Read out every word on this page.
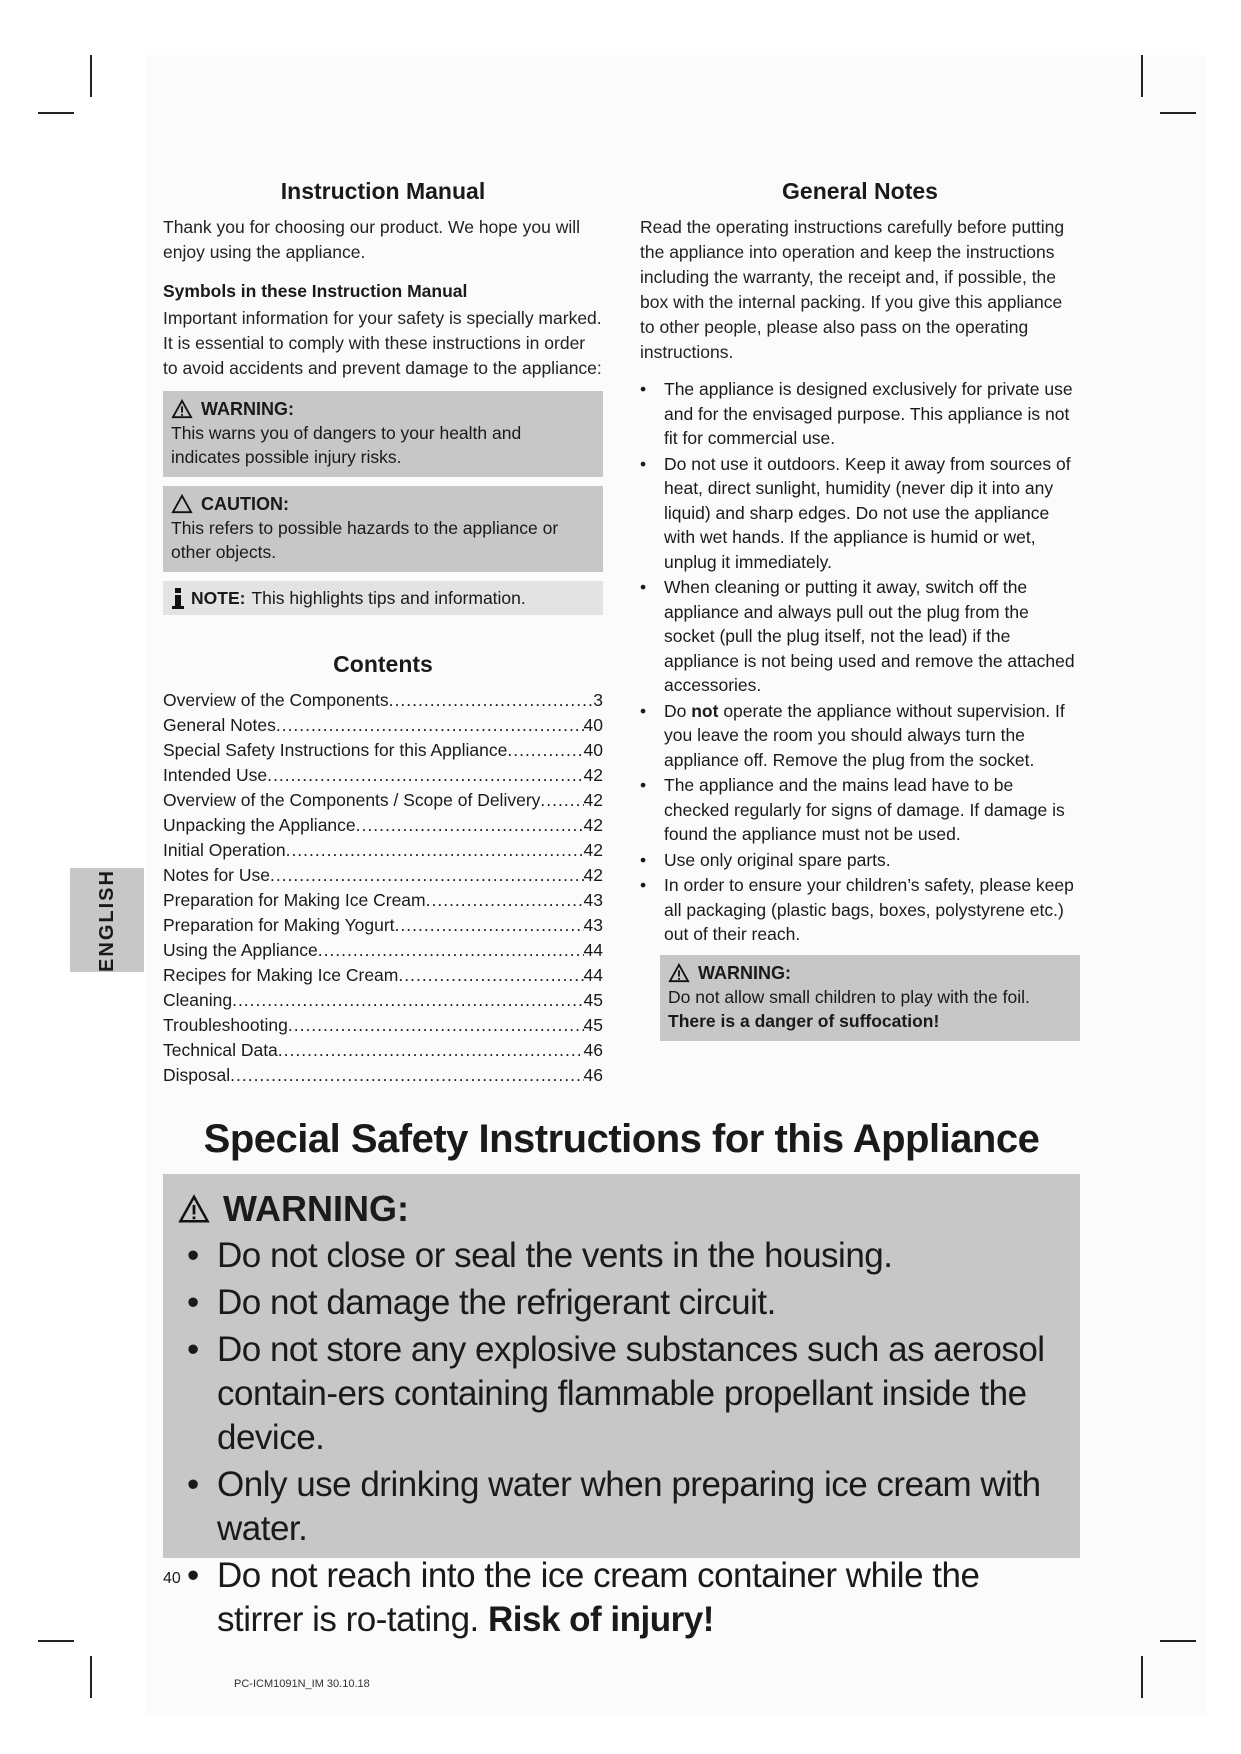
Instruction Manual

Thank you for choosing our product. We hope you will enjoy using the appliance.

Symbols in these Instruction Manual

Important information for your safety is specially marked.

It is essential to comply with these instructions in order to avoid accidents and prevent damage to the appliance:

WARNING:
This warns you of dangers to your health and indicates possible injury risks.
CAUTION:
This refers to possible hazards to the appliance or other objects.
NOTE: This highlights tips and information.
Contents
Overview of the Components .....	3
General Notes .....	40
Special Safety Instructions for this Appliance .....	40
Intended Use .....	42
Overview of the Components / Scope of Delivery ..... 42
Unpacking the Appliance .....	42
Initial Operation .....	42
Notes for Use .....	42
Preparation for Making Ice Cream .....	43
Preparation for Making Yogurt .....	43
Using the Appliance .....	44
Recipes for Making Ice Cream .....	44
Cleaning .....	45
Troubleshooting .....	45
Technical Data .....	46
Disposal .....	46
General Notes

Read the operating instructions carefully before putting the appliance into operation and keep the instructions including the warranty, the receipt and, if possible, the box with the internal packing. If you give this appliance to other people, please also pass on the operating instructions.

• The appliance is designed exclusively for private use and for the envisaged purpose. This appliance is not fit for commercial use.
• Do not use it outdoors. Keep it away from sources of heat, direct sunlight, humidity (never dip it into any liquid) and sharp edges. Do not use the appliance with wet hands. If the appliance is humid or wet, unplug it immediately.
• When cleaning or putting it away, switch off the appliance and always pull out the plug from the socket (pull the plug itself, not the lead) if the appliance is not being used and remove the attached accessories.
• Do not operate the appliance without supervision. If you leave the room you should always turn the appliance off. Remove the plug from the socket.
• The appliance and the mains lead have to be checked regularly for signs of damage. If damage is found the appliance must not be used.
• Use only original spare parts.
• In order to ensure your children’s safety, please keep all packaging (plastic bags, boxes, polystyrene etc.) out of their reach.
WARNING:
Do not allow small children to play with the foil.
There is a danger of suffocation!
ENGLISH
Special Safety Instructions for this Appliance
WARNING:
• Do not close or seal the vents in the housing.
• Do not damage the refrigerant circuit.
• Do not store any explosive substances such as aerosol contain-ers containing flammable propellant inside the device.
• Only use drinking water when preparing ice cream with water.
• Do not reach into the ice cream container while the stirrer is ro-tating. Risk of injury!
40
PC-ICM1091N_IM 30.10.18
